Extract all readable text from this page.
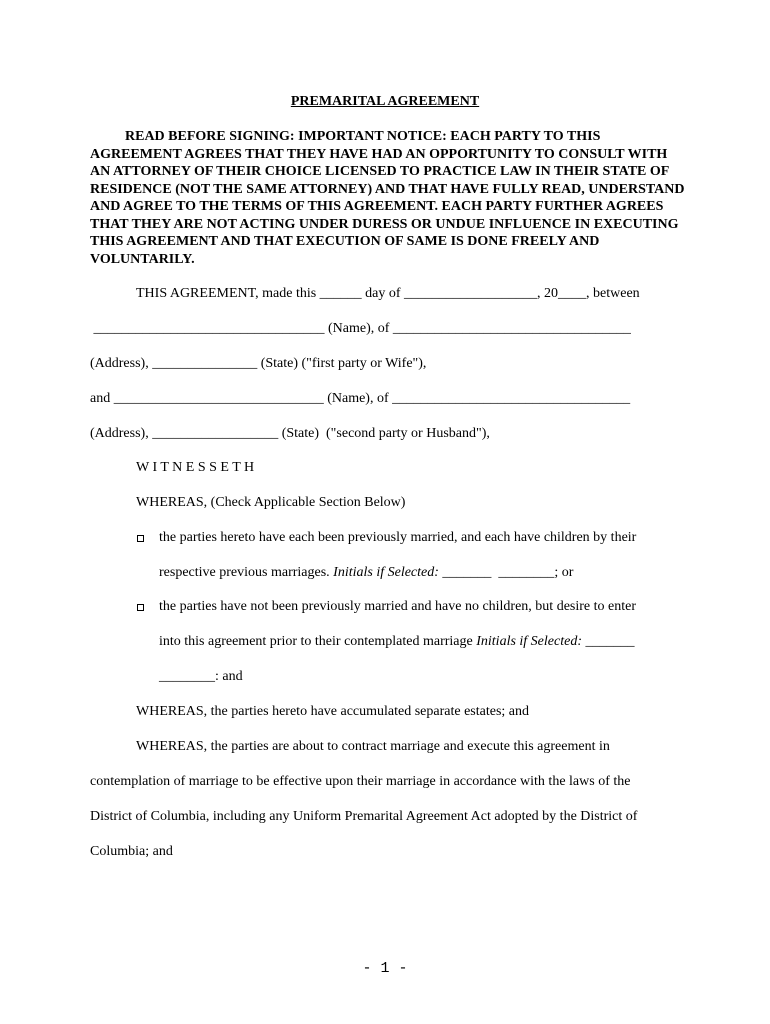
PREMARITAL AGREEMENT

READ BEFORE SIGNING: IMPORTANT NOTICE: EACH PARTY TO THIS AGREEMENT AGREES THAT THEY HAVE HAD AN OPPORTUNITY TO CONSULT WITH AN ATTORNEY OF THEIR CHOICE LICENSED TO PRACTICE LAW IN THEIR STATE OF RESIDENCE (NOT THE SAME ATTORNEY) AND THAT HAVE FULLY READ, UNDERSTAND AND AGREE TO THE TERMS OF THIS AGREEMENT. EACH PARTY FURTHER AGREES THAT THEY ARE NOT ACTING UNDER DURESS OR UNDUE INFLUENCE IN EXECUTING THIS AGREEMENT AND THAT EXECUTION OF SAME IS DONE FREELY AND VOLUNTARILY.

THIS AGREEMENT, made this ______ day of ___________________, 20____, between
_________________________________ (Name), of __________________________________
(Address), _______________ (State) ("first party or Wife"),
and ______________________________ (Name), of __________________________________
(Address), __________________ (State)  ("second party or Husband"),
W I T N E S S E T H
WHEREAS, (Check Applicable Section Below)
the parties hereto have each been previously married, and each have children by their
respective previous marriages. Initials if Selected: _______  ________; or
the parties have not been previously married and have no children, but desire to enter
into this agreement prior to their contemplated marriage Initials if Selected: _______
________: and
WHEREAS, the parties hereto have accumulated separate estates; and
WHEREAS, the parties are about to contract marriage and execute this agreement in
contemplation of marriage to be effective upon their marriage in accordance with the laws of the
District of Columbia, including any Uniform Premarital Agreement Act adopted by the District of
Columbia; and
- 1 -
